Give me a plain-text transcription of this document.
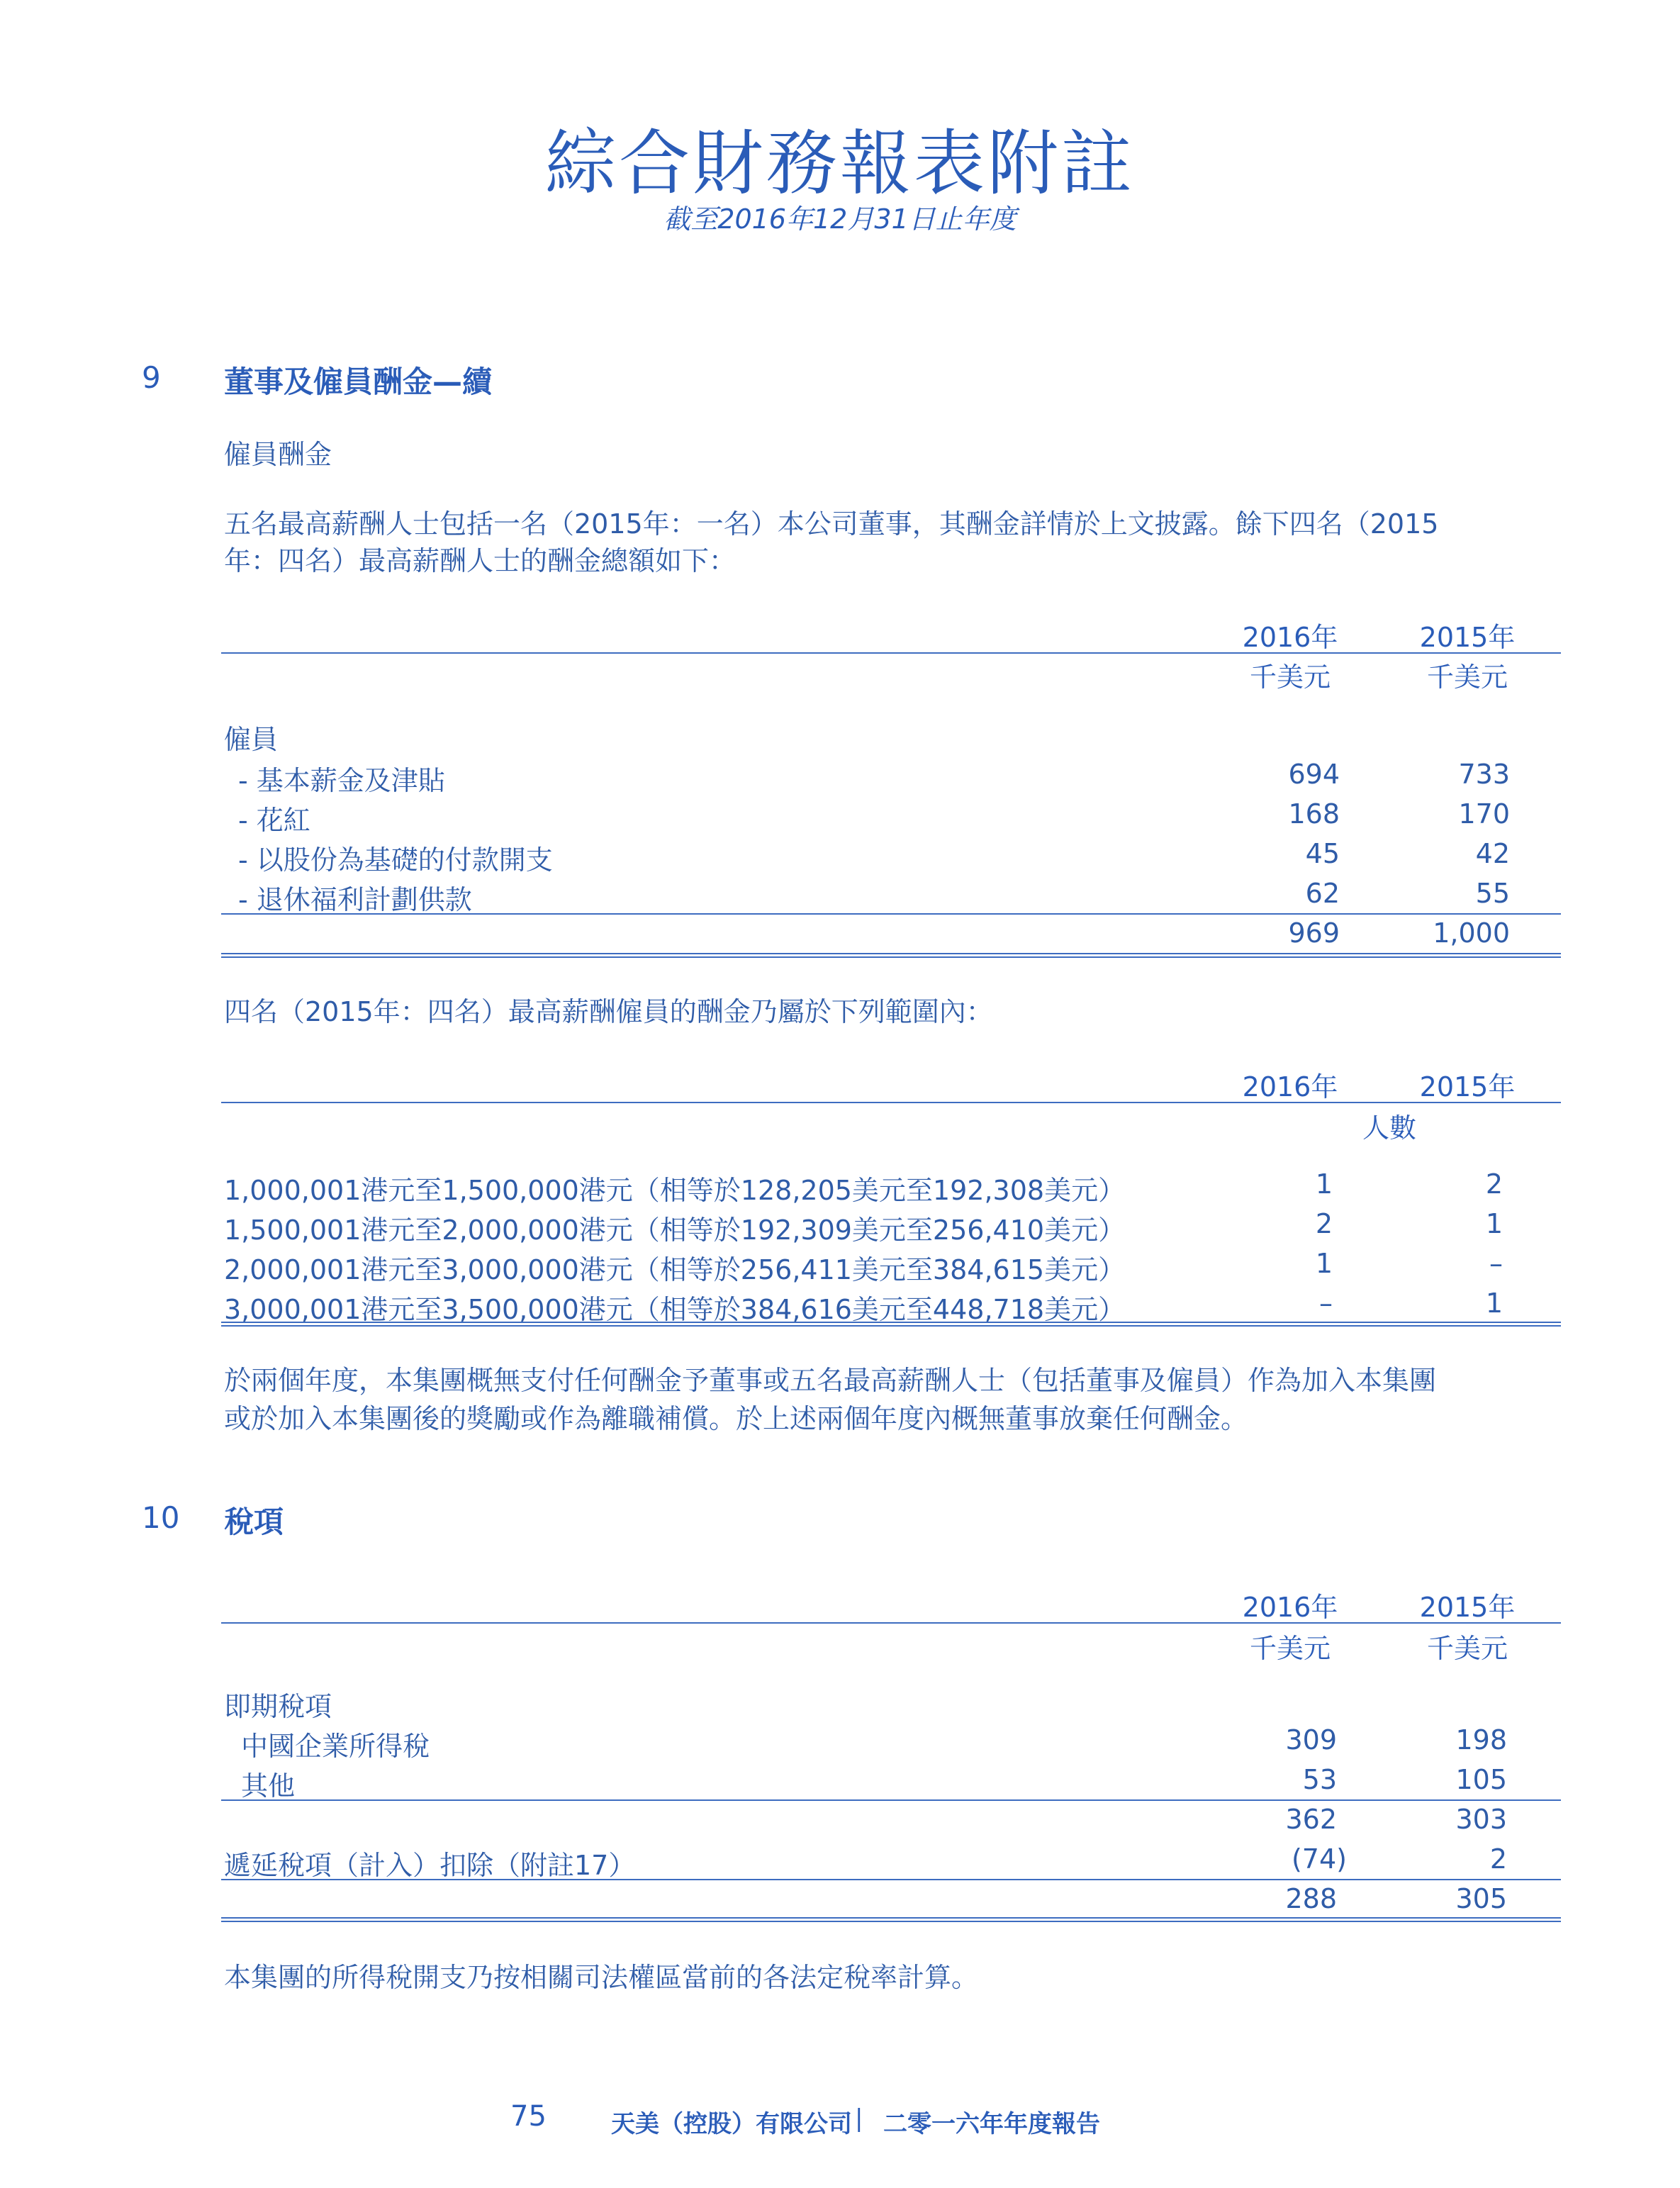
綜合財務報表附註
截至2016年12月31日止年度
9 董事及僱員酬金—續
僱員酬金
五名最高薪酬人士包括一名（2015年：一名）本公司董事，其酬金詳情於上文披露。餘下四名（2015
年：四名）最高薪酬人士的酬金總額如下：
2016年	2015年
千美元	千美元
僱員
- 基本薪金及津貼	694	733
- 花紅	168	170
- 以股份為基礎的付款開支	45	42
- 退休福利計劃供款	62	55
969	1,000
四名（2015年：四名）最高薪酬僱員的酬金乃屬於下列範圍內：
2016年	2015年
人數
1,000,001港元至1,500,000港元（相等於128,205美元至192,308美元）	1	2
1,500,001港元至2,000,000港元（相等於192,309美元至256,410美元）	2	1
2,000,001港元至3,000,000港元（相等於256,411美元至384,615美元）	1	–
3,000,001港元至3,500,000港元（相等於384,616美元至448,718美元）	–	1
於兩個年度，本集團概無支付任何酬金予董事或五名最高薪酬人士（包括董事及僱員）作為加入本集團
或於加入本集團後的獎勵或作為離職補償。於上述兩個年度內概無董事放棄任何酬金。
10 稅項
2016年	2015年
千美元	千美元
即期稅項
中國企業所得稅	309	198
其他	53	105
362	303
遞延稅項（計入）扣除（附註17）	(74)	2
288	305
本集團的所得稅開支乃按相關司法權區當前的各法定稅率計算。
75	天美（控股）有限公司 | 二零一六年年度報告
